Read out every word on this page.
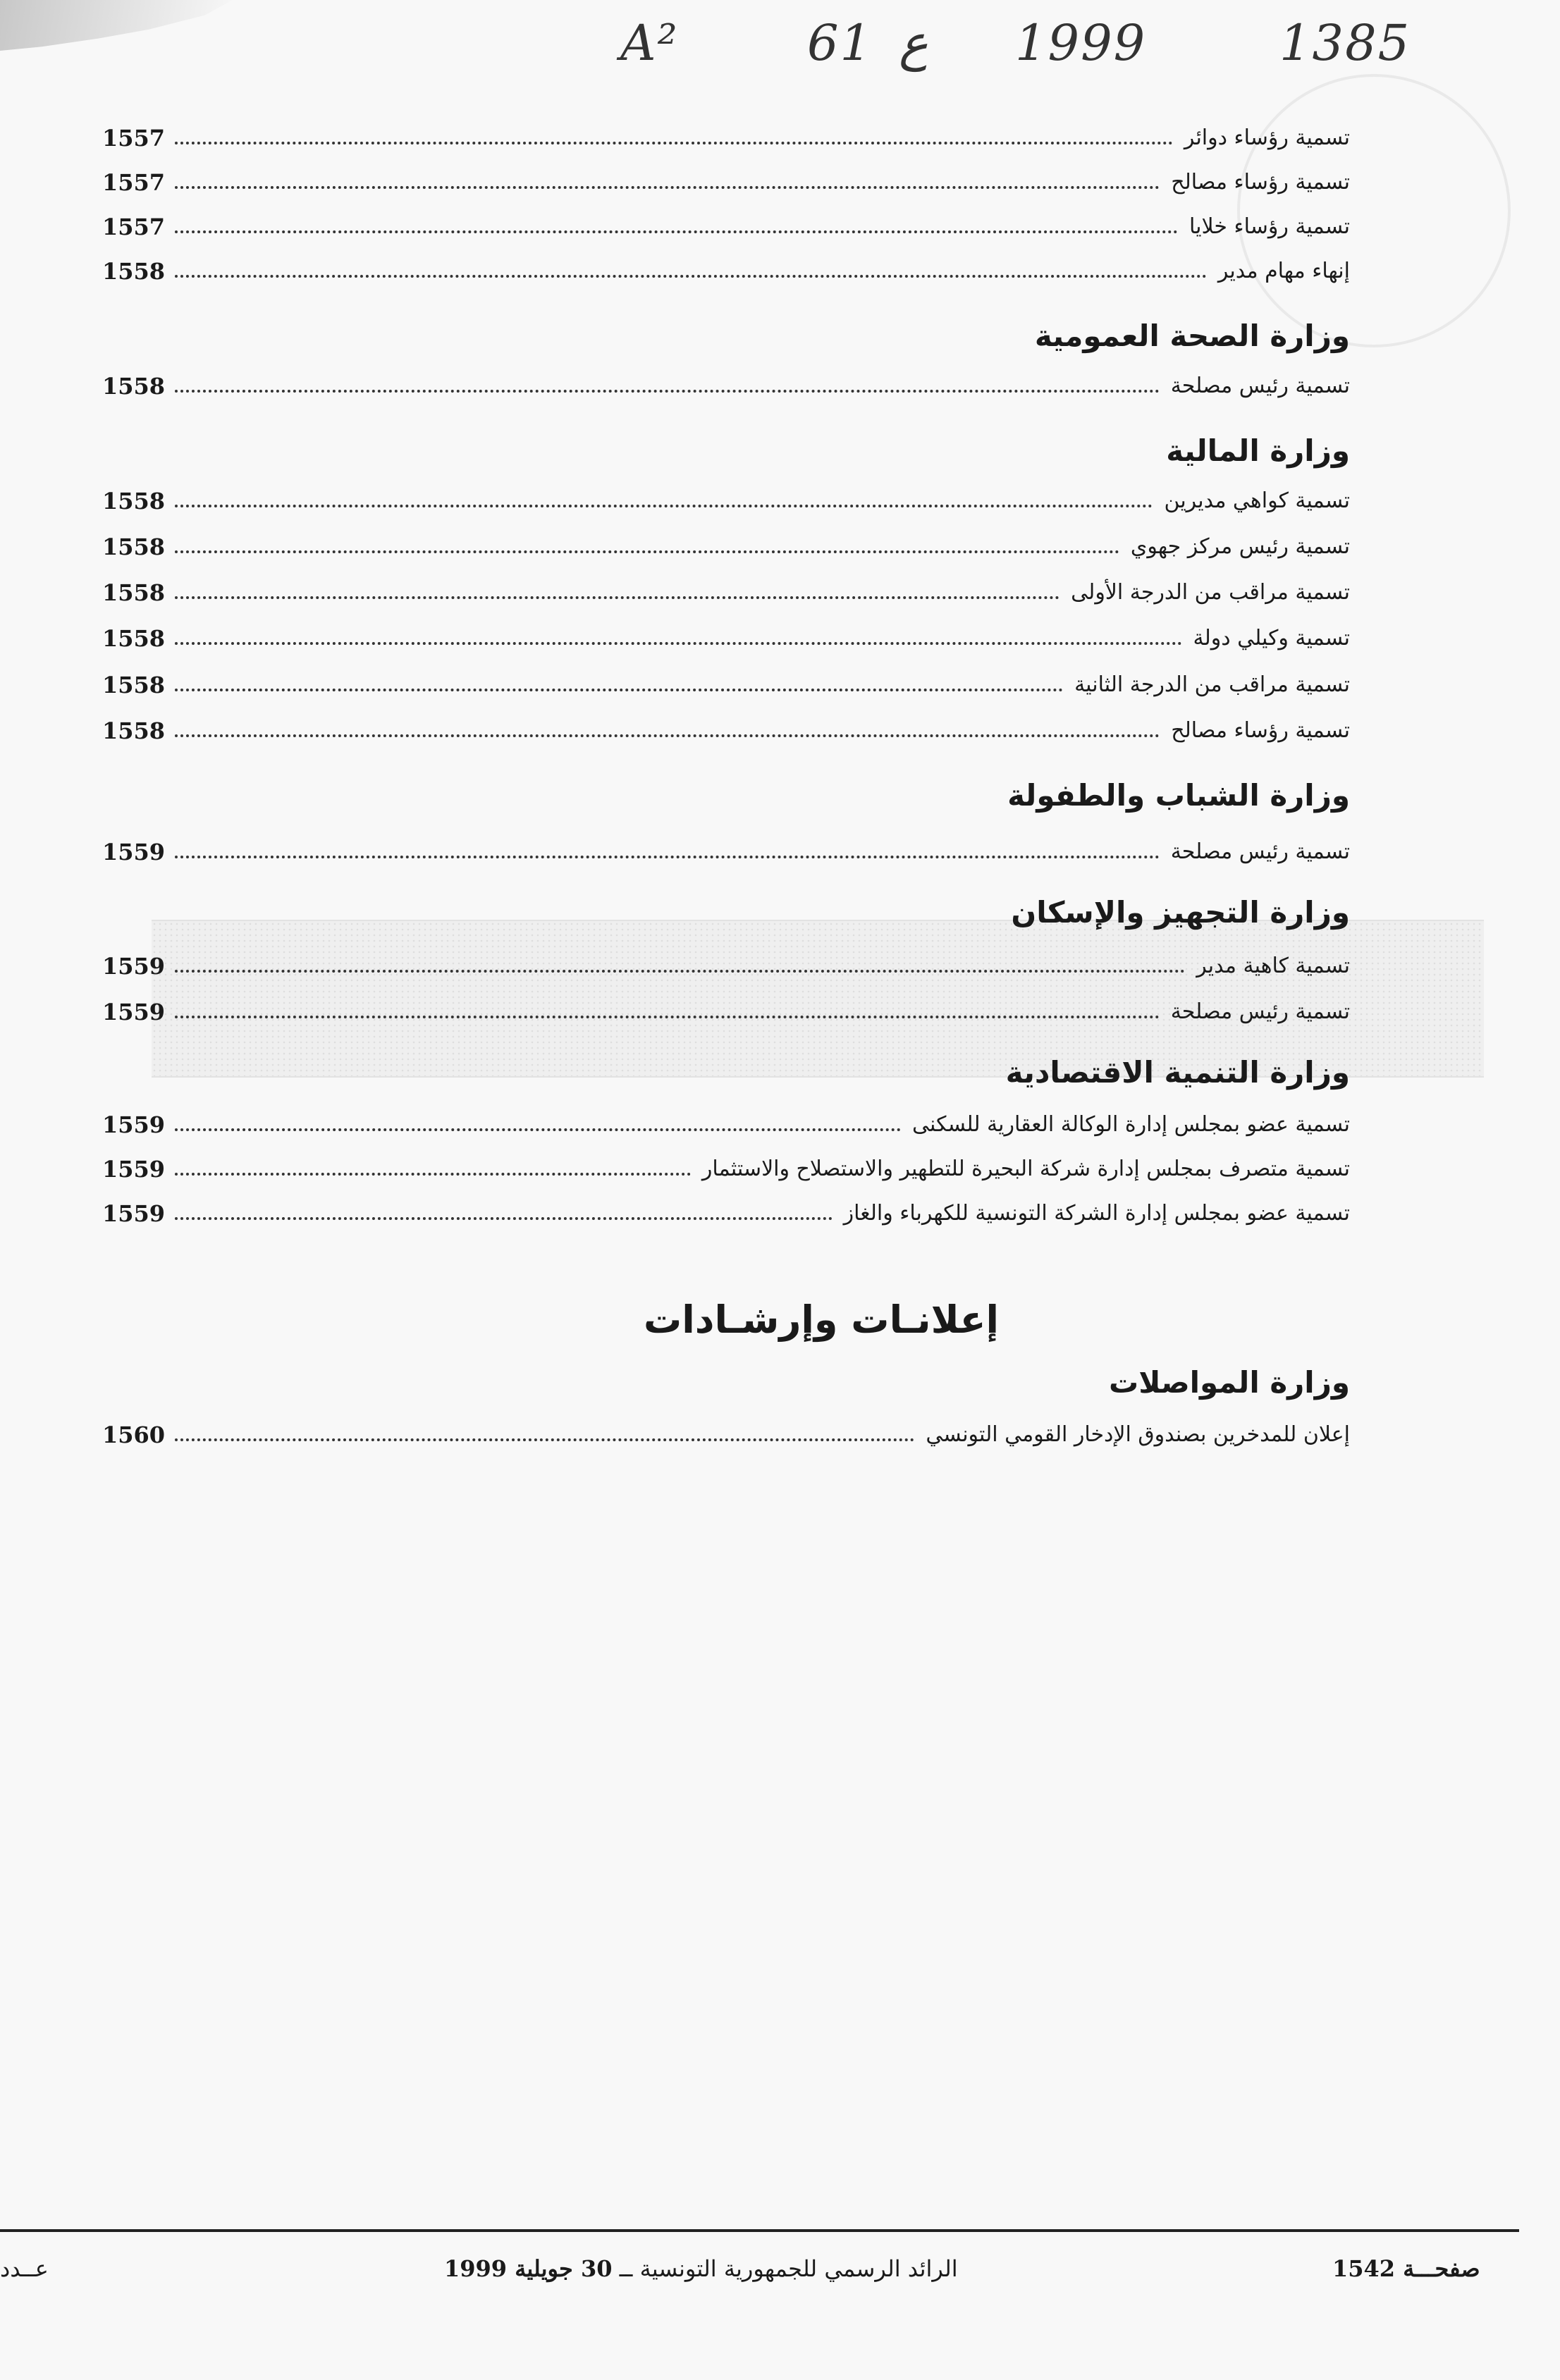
A²	61 ع 1999	1385
تسمية رؤساء دوائر
1557
تسمية رؤساء مصالح
1557
تسمية رؤساء خلايا
1557
إنهاء مهام مدير
1558
وزارة الصحة العمومية
تسمية رئيس مصلحة
1558
وزارة المالية
تسمية كواهي مديرين
1558
تسمية رئيس مركز جهوي
1558
تسمية مراقب من الدرجة الأولى
1558
تسمية وكيلي دولة
1558
تسمية مراقب من الدرجة الثانية
1558
تسمية رؤساء مصالح
1558
وزارة الشباب والطفولة
تسمية رئيس مصلحة
1559
وزارة التجهيز والإسكان
تسمية كاهية مدير
1559
تسمية رئيس مصلحة
1559
وزارة التنمية الاقتصادية
تسمية عضو بمجلس إدارة الوكالة العقارية للسكنى
1559
تسمية متصرف بمجلس إدارة شركة البحيرة للتطهير والاستصلاح والاستثمار
1559
تسمية عضو بمجلس إدارة الشركة التونسية للكهرباء والغاز
1559
إعلانـات وإرشـادات
وزارة المواصلات
إعلان للمدخرين بصندوق الإدخار القومي التونسي
1560
صفحـــة 1542
الرائد الرسمي للجمهورية التونسية ــ 30 جويلية 1999
عــدد
